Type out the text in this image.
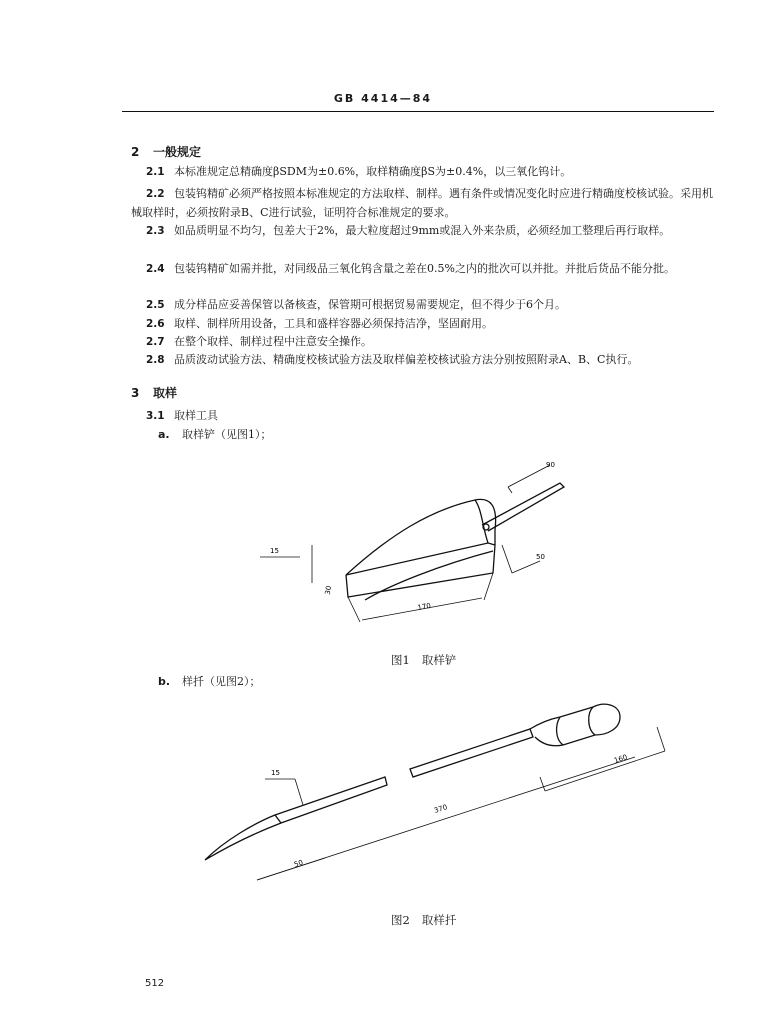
GB 4414—84
2 一般规定
2.1 本标准规定总精确度βSDM为±0.6%，取样精确度βS为±0.4%，以三氧化钨计。
2.2 包装钨精矿必须严格按照本标准规定的方法取样、制样。遇有条件或情况变化时应进行精确度校核试验。采用机械取样时，必须按附录B、C进行试验，证明符合标准规定的要求。
2.3 如品质明显不均匀，包差大于2%，最大粒度超过9mm或混入外来杂质，必须经加工整理后再行取样。
2.4 包装钨精矿如需并批，对同级品三氧化钨含量之差在0.5%之内的批次可以并批。并批后货品不能分批。
2.5 成分样品应妥善保管以备核查，保管期可根据贸易需要规定，但不得少于6个月。
2.6 取样、制样所用设备，工具和盛样容器必须保持洁净，坚固耐用。
2.7 在整个取样、制样过程中注意安全操作。
2.8 品质波动试验方法、精确度校核试验方法及取样偏差校核试验方法分别按照附录A、B、C执行。
3 取样
3.1 取样工具
a. 取样铲（见图1）；
90
15
30
170
50
图1 取样铲
b. 样扦（见图2）；
15
370
160
50
图2 取样扦
512
